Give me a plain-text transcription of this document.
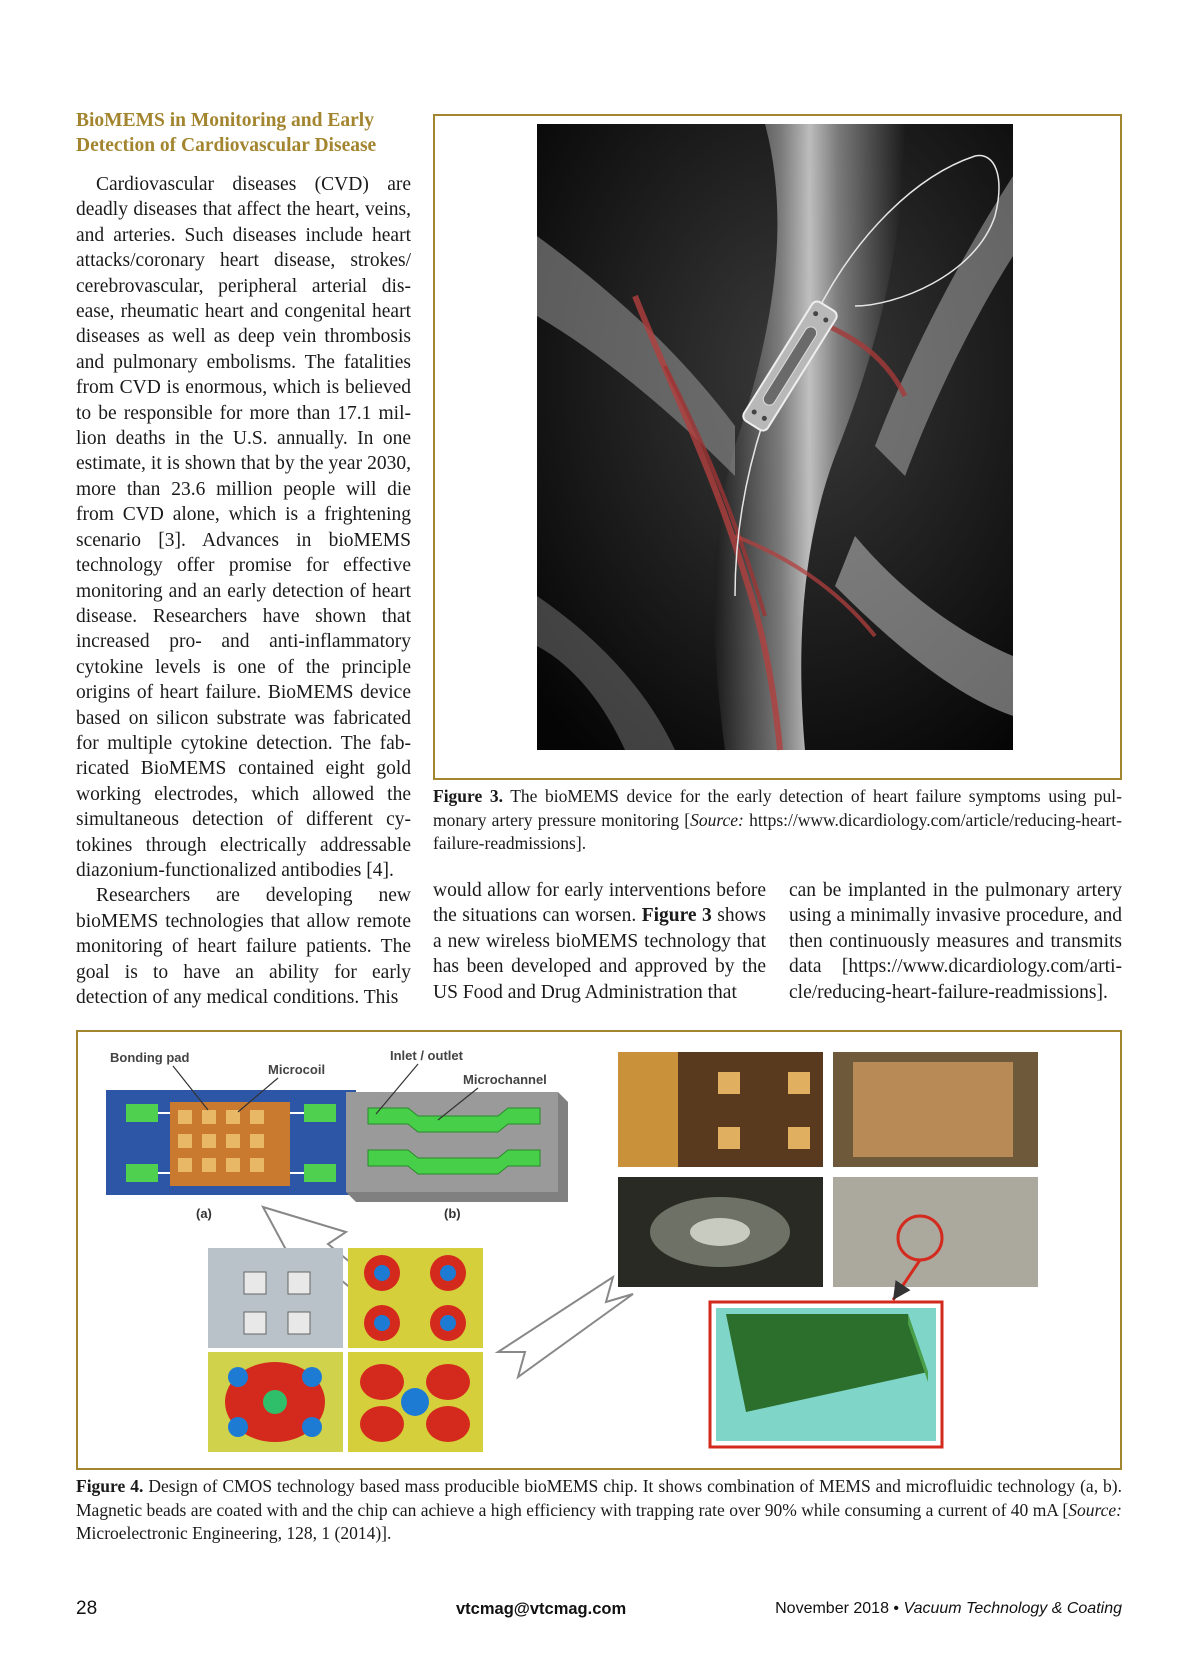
BioMEMS in Monitoring and Early
Detection of Cardiovascular Disease

Cardiovascular diseases (CVD) are deadly diseases that affect the heart, veins, and arteries. Such diseases include heart attacks/coronary heart disease, strokes/ cerebrovascular, peripheral arterial disease, rheumatic heart and congenital heart diseases as well as deep vein thrombosis and pulmonary embolisms. The fatalities from CVD is enormous, which is believed to be responsible for more than 17.1 million deaths in the U.S. annually. In one estimate, it is shown that by the year 2030, more than 23.6 million people will die from CVD alone, which is a frightening scenario [3]. Advances in bioMEMS technology offer promise for effective monitoring and an early detection of heart disease. Researchers have shown that increased pro- and anti-inflammatory cytokine levels is one of the principle origins of heart failure. BioMEMS device based on silicon substrate was fabricated for multiple cytokine detection. The fabricated BioMEMS contained eight gold working electrodes, which allowed the simultaneous detection of different cytokines through electrically addressable diazonium-functionalized antibodies [4].

Researchers are developing new bioMEMS technologies that allow remote monitoring of heart failure patients. The goal is to have an ability for early detection of any medical conditions. This

Figure 3. The bioMEMS device for the early detection of heart failure symptoms using pulmonary artery pressure monitoring [Source: https://www.dicardiology.com/article/reducing-heart-failure-readmissions].

would allow for early interventions before the situations can worsen. Figure 3 shows a new wireless bioMEMS technology that has been developed and approved by the US Food and Drug Administration that

can be implanted in the pulmonary artery using a minimally invasive procedure, and then continuously measures and transmits data [https://www.dicardiology.com/article/reducing-heart-failure-readmissions].

Bonding pad
Microcoil
(a)
Inlet / outlet
Microchannel
(b)
Figure 4. Design of CMOS technology based mass producible bioMEMS chip. It shows combination of MEMS and microfluidic technology (a, b). Magnetic beads are coated with and the chip can achieve a high efficiency with trapping rate over 90% while consuming a current of 40 mA [Source: Microelectronic Engineering, 128, 1 (2014)].
28	vtcmag@vtcmag.com	November 2018 • Vacuum Technology & Coating
